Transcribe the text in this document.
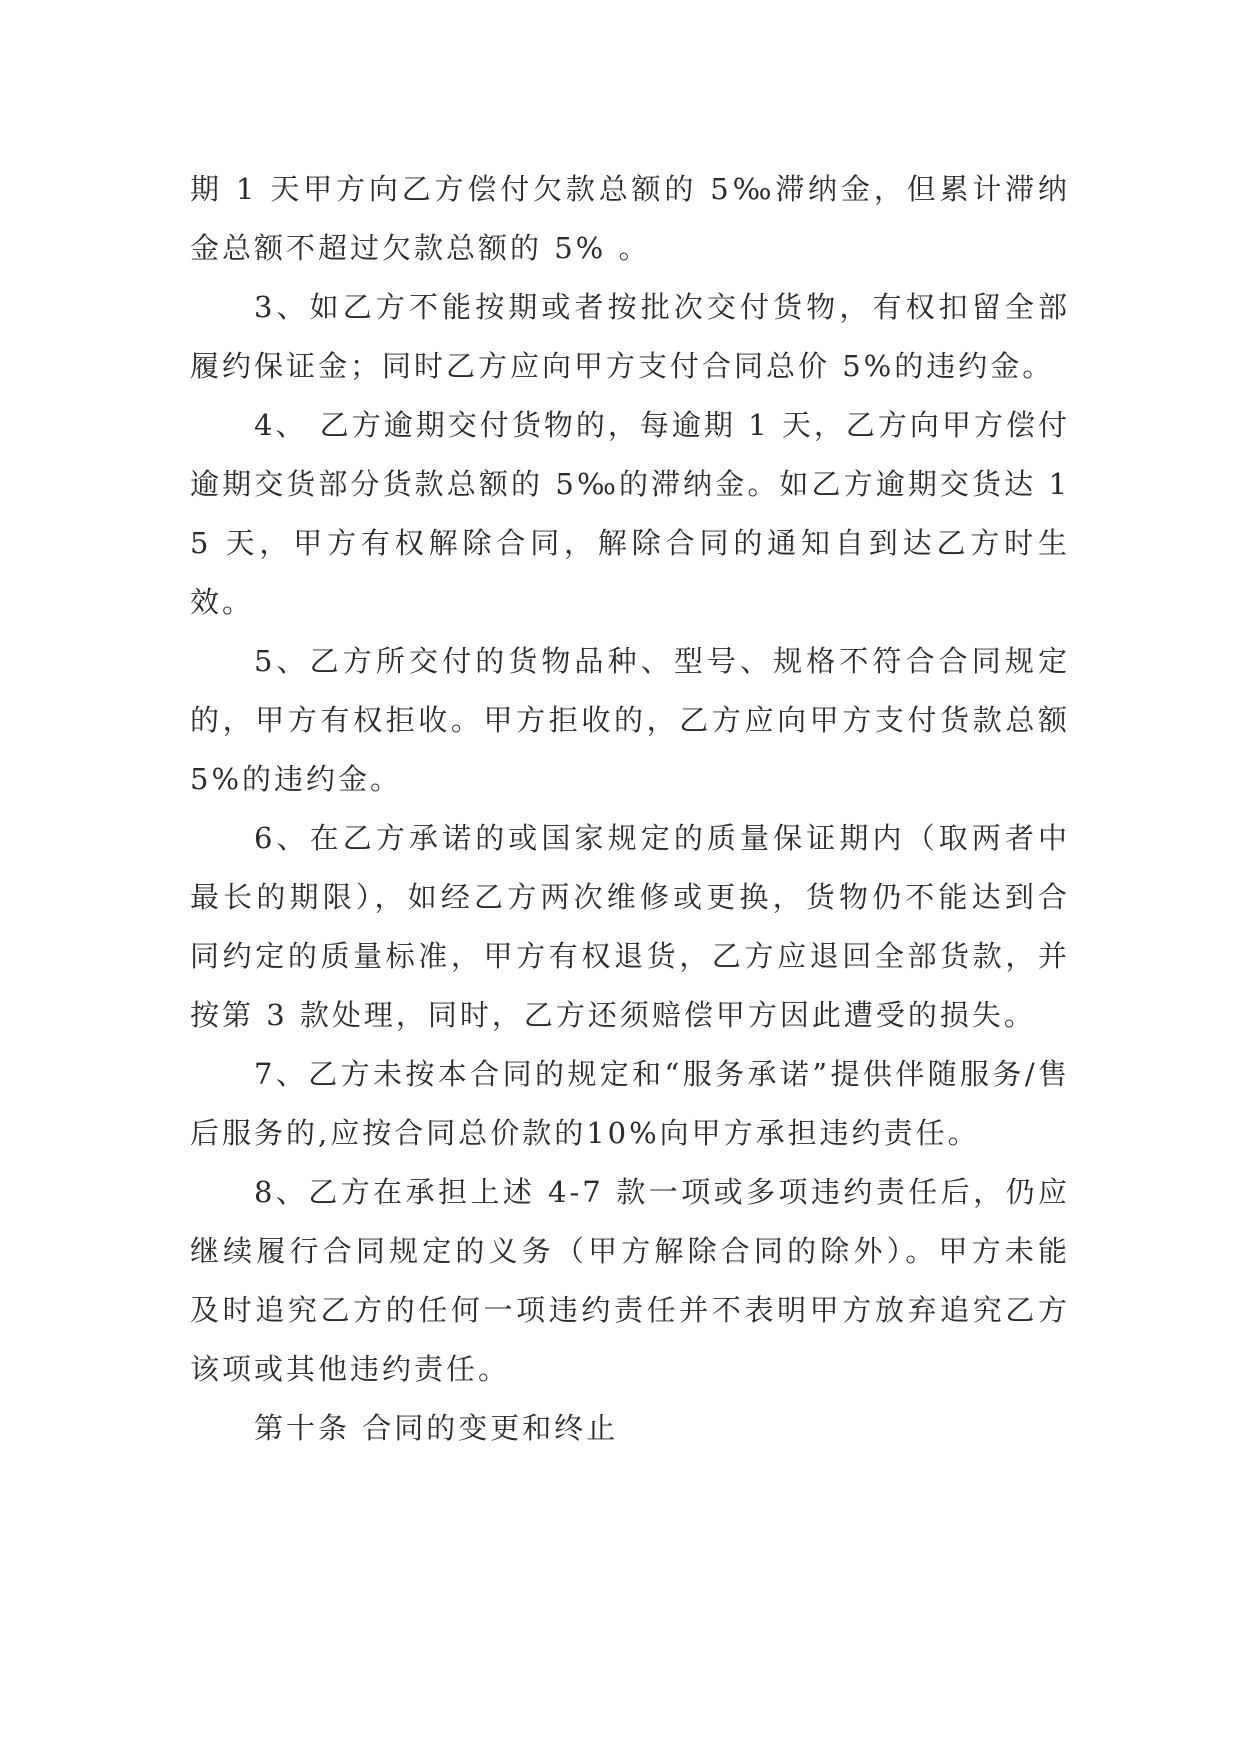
期 1 天甲方向乙方偿付欠款总额的 5‰滞纳金，但累计滞纳金总额不超过欠款总额的 5% 。

3、如乙方不能按期或者按批次交付货物，有权扣留全部履约保证金；同时乙方应向甲方支付合同总价 5%的违约金。

4、 乙方逾期交付货物的，每逾期 1 天，乙方向甲方偿付逾期交货部分货款总额的 5‰的滞纳金。如乙方逾期交货达 15 天，甲方有权解除合同，解除合同的通知自到达乙方时生效。

5、乙方所交付的货物品种、型号、规格不符合合同规定的，甲方有权拒收。甲方拒收的，乙方应向甲方支付货款总额 5%的违约金。

6、在乙方承诺的或国家规定的质量保证期内（取两者中最长的期限），如经乙方两次维修或更换，货物仍不能达到合同约定的质量标准，甲方有权退货，乙方应退回全部货款，并按第 3 款处理，同时，乙方还须赔偿甲方因此遭受的损失。

7、乙方未按本合同的规定和“服务承诺”提供伴随服务/售后服务的,应按合同总价款的10%向甲方承担违约责任。

8、乙方在承担上述 4-7 款一项或多项违约责任后，仍应继续履行合同规定的义务（甲方解除合同的除外）。甲方未能及时追究乙方的任何一项违约责任并不表明甲方放弃追究乙方该项或其他违约责任。

第十条 合同的变更和终止
